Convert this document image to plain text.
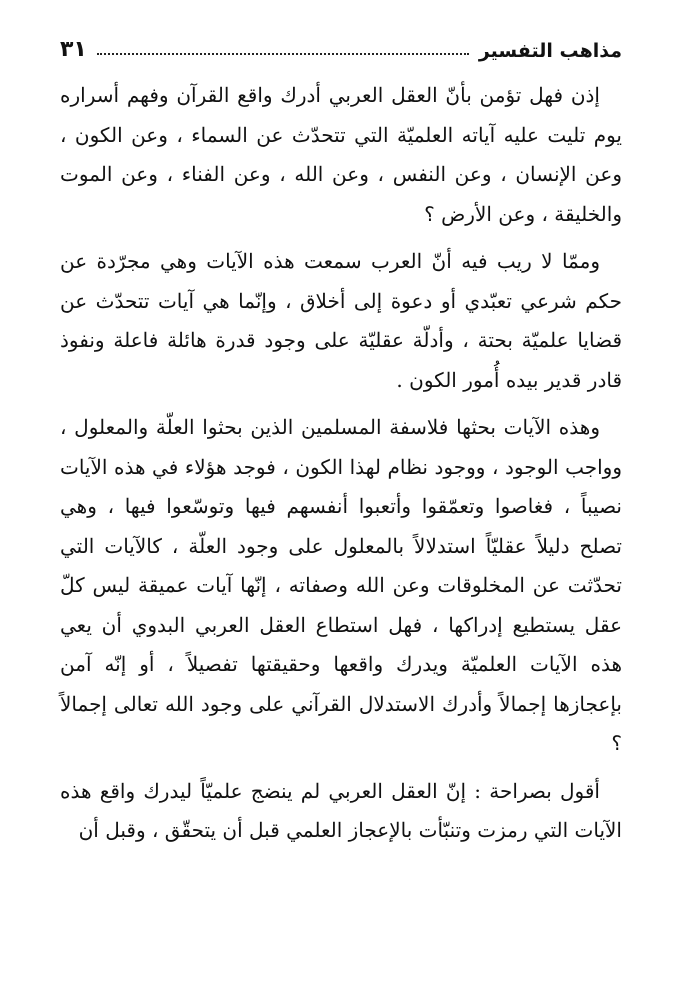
مذاهب التفسير
٣١

إذن فهل تؤمن بأنّ العقل العربي أدرك واقع القرآن وفهم أسراره يوم تليت عليه آياته العلميّة التي تتحدّث عن السماء ، وعن الكون ، وعن الإنسان ، وعن النفس ، وعن الله ، وعن الفناء ، وعن الموت والخليقة ، وعن الأرض ؟

وممّا لا ريب فيه أنّ العرب سمعت هذه الآيات وهي مجرّدة عن حكم شرعي تعبّدي أو دعوة إلى أخلاق ، وإنّما هي آيات تتحدّث عن قضايا علميّة بحتة ، وأدلّة عقليّة على وجود قدرة هائلة فاعلة ونفوذ قادر قدير بيده أُمور الكون .

وهذه الآيات بحثها فلاسفة المسلمين الذين بحثوا العلّة والمعلول ، وواجب الوجود ، ووجود نظام لهذا الكون ، فوجد هؤلاء في هذه الآيات نصيباً ، فغاصوا وتعمّقوا وأتعبوا أنفسهم فيها وتوسّعوا فيها ، وهي تصلح دليلاً عقليّاً استدلالاً بالمعلول على وجود العلّة ، كالآيات التي تحدّثت عن المخلوقات وعن الله وصفاته ، إنّها آيات عميقة ليس كلّ عقل يستطيع إدراكها ، فهل استطاع العقل العربي البدوي أن يعي هذه الآيات العلميّة ويدرك واقعها وحقيقتها تفصيلاً ، أو إنّه آمن بإعجازها إجمالاً وأدرك الاستدلال القرآني على وجود الله تعالى إجمالاً ؟

أقول بصراحة : إنّ العقل العربي لم ينضج علميّاً ليدرك واقع هذه الآيات التي رمزت وتنبّأت بالإعجاز العلمي قبل أن يتحقّق ، وقبل أن
